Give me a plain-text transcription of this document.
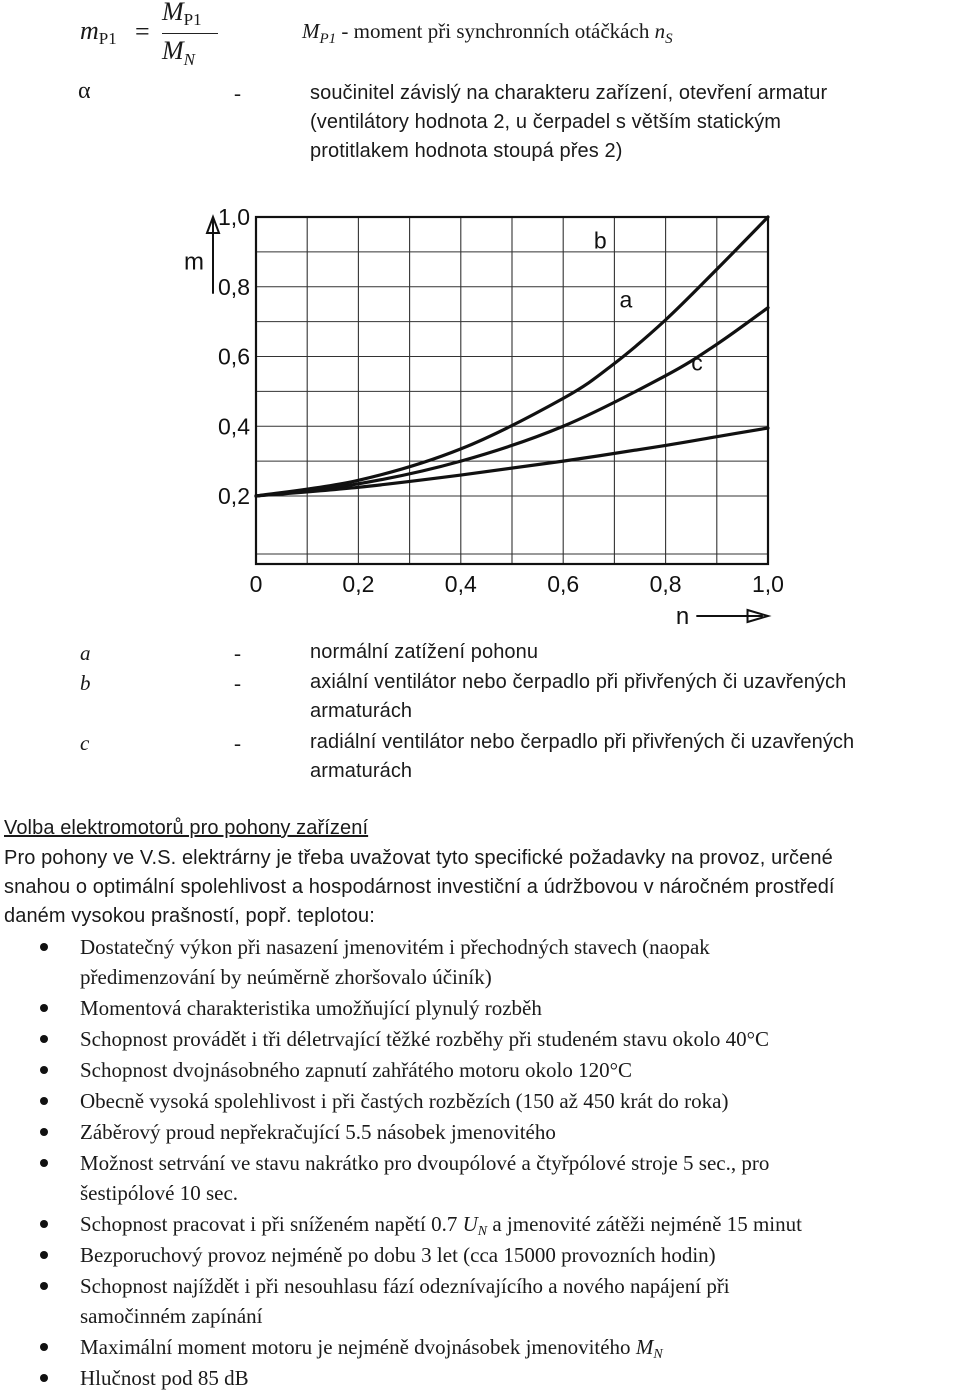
$m_{P1}$ =
MP1
$M_N$
$M_{P1}$ - moment při synchronních otáčkách $n_S$
α	-	součinitel závislý na charakteru zařízení, otevření armatur
(ventilátory hodnota 2, u čerpadel s větším statickým
protitlakem hodnota stoupá přes 2)
0,2
0,4
0,6
0,8
1,0
0	0,2	0,4	0,6	0,8	1,0
b
a
c
m
n
a	-	normální zatížení pohonu
b	-	axiální ventilátor nebo čerpadlo při přivřených či uzavřených
armaturách
c	-	radiální ventilátor nebo čerpadlo při přivřených či uzavřených
armaturách
Volba elektromotorů pro pohony zařízení
Pro pohony ve V.S. elektrárny je třeba uvažovat tyto specifické požadavky na provoz, určené
snahou o optimální spolehlivost a hospodárnost investiční a údržbovou v náročném prostředí
daném vysokou prašností, popř. teplotou:
Dostatečný výkon při nasazení jmenovitém i přechodných stavech (naopak
předimenzování by neúměrně zhoršovalo účiník)
Momentová charakteristika umožňující plynulý rozběh
Schopnost provádět i tři déletrvající těžké rozběhy při studeném stavu okolo 40°C
Schopnost dvojnásobného zapnutí zahřátého motoru okolo 120°C
Obecně vysoká spolehlivost i při častých rozbězích (150 až 450 krát do roka)
Záběrový proud nepřekračující 5.5 násobek jmenovitého
Možnost setrvání ve stavu nakrátko pro dvoupólové a čtyřpólové stroje 5 sec., pro
šestipólové 10 sec.
Schopnost pracovat i při sníženém napětí 0.7 UN a jmenovité zátěži nejméně 15 minut
Bezporuchový provoz nejméně po dobu 3 let (cca 15000 provozních hodin)
Schopnost najíždět i při nesouhlasu fází odeznívajícího a nového napájení při
samočinném zapínání
Maximální moment motoru je nejméně dvojnásobek jmenovitého MN
Hlučnost pod 85 dB
